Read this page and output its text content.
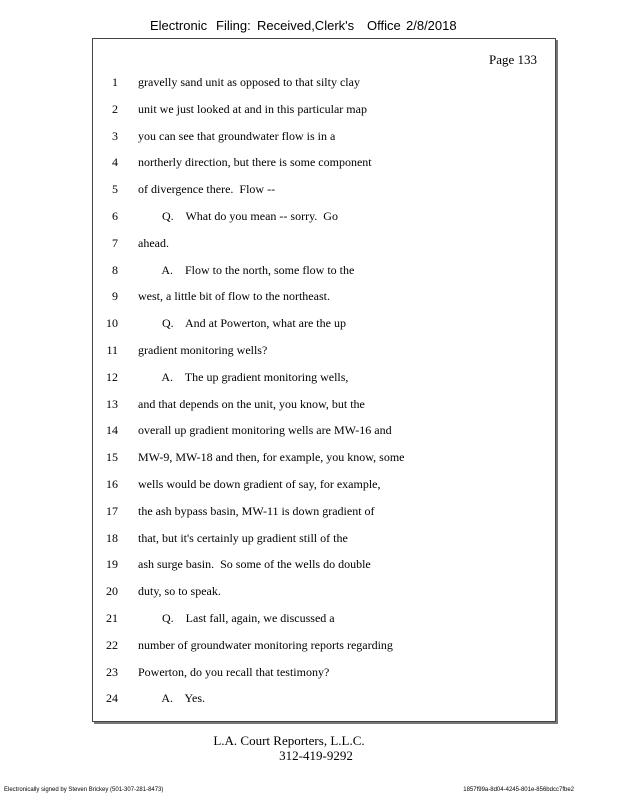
Electronic Filing: Received,Clerk's Office 2/8/2018
Page 133
1 gravelly sand unit as opposed to that silty clay
2 unit we just looked at and in this particular map
3 you can see that groundwater flow is in a
4 northerly direction, but there is some component
5 of divergence there.  Flow --
6 Q.    What do you mean -- sorry.  Go
7 ahead.
8 A.    Flow to the north, some flow to the
9 west, a little bit of flow to the northeast.
10 Q.    And at Powerton, what are the up
11 gradient monitoring wells?
12 A.    The up gradient monitoring wells,
13 and that depends on the unit, you know, but the
14 overall up gradient monitoring wells are MW-16 and
15 MW-9, MW-18 and then, for example, you know, some
16 wells would be down gradient of say, for example,
17 the ash bypass basin, MW-11 is down gradient of
18 that, but it's certainly up gradient still of the
19 ash surge basin.  So some of the wells do double
20 duty, so to speak.
21 Q.    Last fall, again, we discussed a
22 number of groundwater monitoring reports regarding
23 Powerton, do you recall that testimony?
24 A.    Yes.
L.A. Court Reporters, L.L.C.
312-419-9292
Electronically signed by Steven Brickey (501-307-281-8473)	1857f99a-8d04-4245-801e-856bdcc7fbe2
